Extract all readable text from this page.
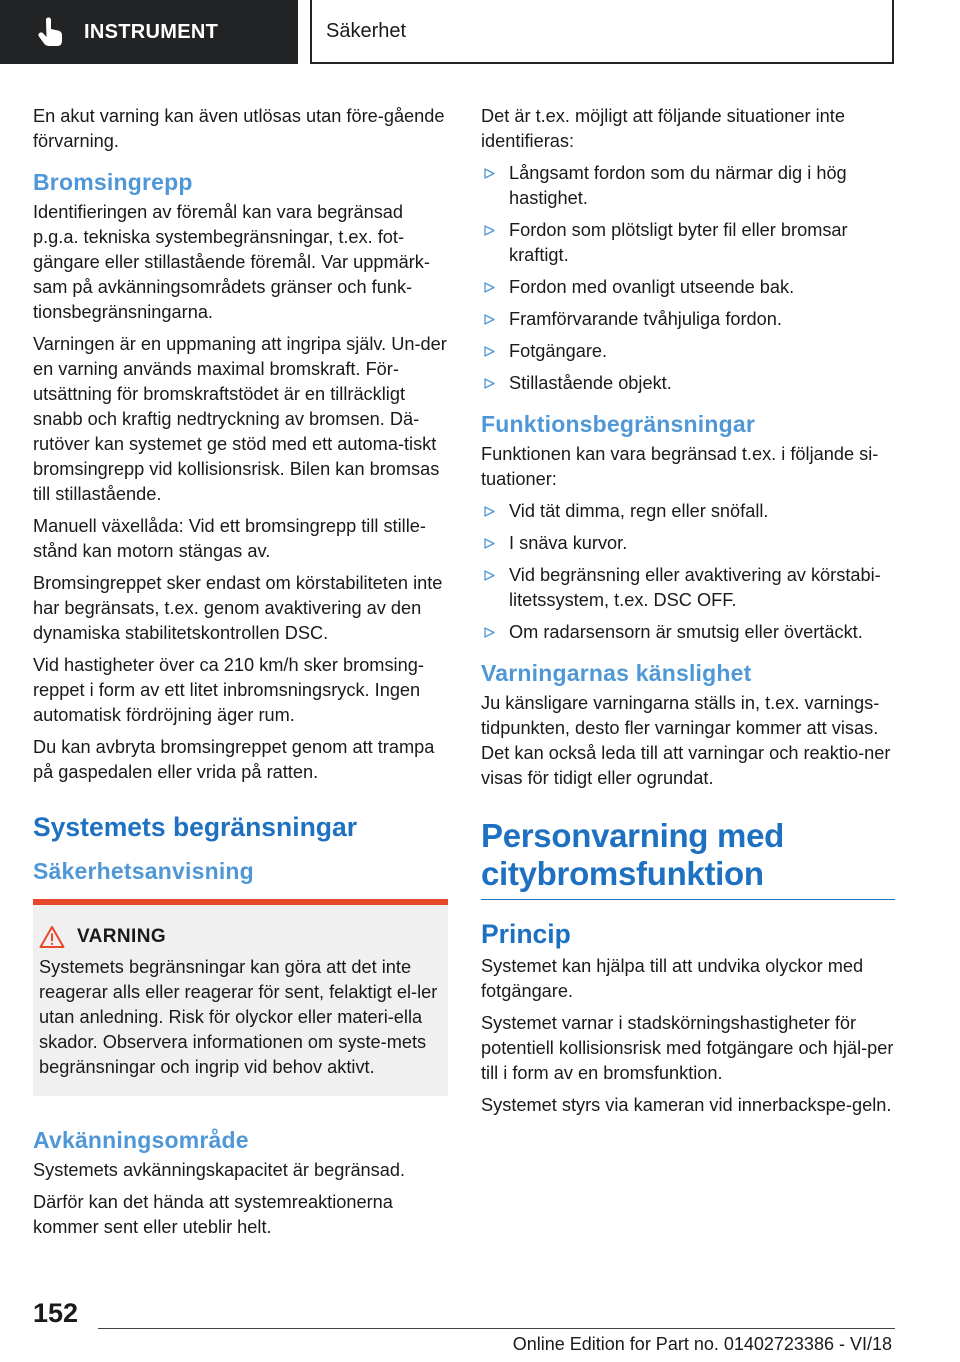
INSTRUMENT	Säkerhet

En akut varning kan även utlösas utan före-gående förvarning.

Bromsingrepp

Identifieringen av föremål kan vara begränsad p.g.a. tekniska systembegränsningar, t.ex. fot-gängare eller stillastående föremål. Var uppmärk-sam på avkänningsområdets gränser och funk-tionsbegränsningarna.

Varningen är en uppmaning att ingripa själv. Un-der en varning används maximal bromskraft. För-utsättning för bromskraftstödet är en tillräckligt snabb och kraftig nedtryckning av bromsen. Dä-rutöver kan systemet ge stöd med ett automa-tiskt bromsingrepp vid kollisionsrisk. Bilen kan bromsas till stillastående.

Manuell växellåda: Vid ett bromsingrepp till stille-stånd kan motorn stängas av.

Bromsingreppet sker endast om körstabiliteten inte har begränsats, t.ex. genom avaktivering av den dynamiska stabilitetskontrollen DSC.

Vid hastigheter över ca 210 km/h sker bromsing-reppet i form av ett litet inbromsningsryck. Ingen automatisk fördröjning äger rum.

Du kan avbryta bromsingreppet genom att trampa på gaspedalen eller vrida på ratten.

Systemets begränsningar
Säkerhetsanvisning
VARNING

Systemets begränsningar kan göra att det inte reagerar alls eller reagerar för sent, felaktigt el-ler utan anledning. Risk för olyckor eller materi-ella skador. Observera informationen om syste-mets begränsningar och ingrip vid behov aktivt.

Avkänningsområde

Systemets avkänningskapacitet är begränsad.

Därför kan det hända att systemreaktionerna kommer sent eller uteblir helt.

Det är t.ex. möjligt att följande situationer inte identifieras:

Långsamt fordon som du närmar dig i hög hastighet.
Fordon som plötsligt byter fil eller bromsar kraftigt.
Fordon med ovanligt utseende bak.
Framförvarande tvåhjuliga fordon.
Fotgängare.
Stillastående objekt.
Funktionsbegränsningar

Funktionen kan vara begränsad t.ex. i följande si-tuationer:

Vid tät dimma, regn eller snöfall.
I snäva kurvor.
Vid begränsning eller avaktivering av körstabi-litetssystem, t.ex. DSC OFF.
Om radarsensorn är smutsig eller övertäckt.
Varningarnas känslighet

Ju känsligare varningarna ställs in, t.ex. varnings-tidpunkten, desto fler varningar kommer att visas. Det kan också leda till att varningar och reaktio-ner visas för tidigt eller ogrundat.

Personvarning med citybromsfunktion
Princip

Systemet kan hjälpa till att undvika olyckor med fotgängare.

Systemet varnar i stadskörningshastigheter för potentiell kollisionsrisk med fotgängare och hjäl-per till i form av en bromsfunktion.

Systemet styrs via kameran vid innerbackspe-geln.

152
Online Edition for Part no. 01402723386 - VI/18
